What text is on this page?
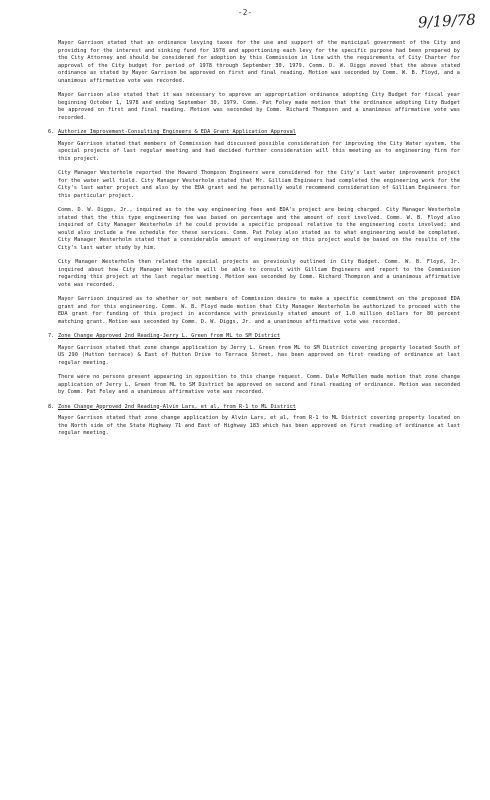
-2-	9/19/78

Mayor Garrison stated that an ordinance levying taxes for the use and support of the municipal government of the City and providing for the interest and sinking fund for 1978 and apportioning each levy for the specific purpose had been prepared by the City Attorney and should be considered for adoption by this Commission in line with the requirements of City Charter for approval of the City budget for period of 1978 through September 30, 1979. Comm. D. W. Diggs moved that the above stated ordinance as stated by Mayor Garrison be approved on first and final reading. Motion was seconded by Comm. W. B. Floyd, and a unanimous affirmative vote was recorded.

Mayor Garrison also stated that it was necessary to approve an appropriation ordinance adopting City Budget for fiscal year beginning October 1, 1978 and ending September 30, 1979. Comm. Pat Foley made motion that the ordinance adopting City Budget be approved on first and final reading. Motion was seconded by Comm. Richard Thompson and a unanimous affirmative vote was recorded.

6. Authorize Improvement-Consulting Engineers & EDA Grant Application Approval

Mayor Garrison stated that members of Commission had discussed possible consideration for improving the City Water system, the special projects of last regular meeting and had decided further consideration will this meeting as to engineering firm for this project.

City Manager Westerholm reported the Howard Thompson Engineers were considered for the City's last water improvement project for the water well field. City Manager Westerholm stated that Mr. Gilliam Engineers had completed the engineering work for the City's last water project and also by the EDA grant and he personally would recommend consideration of Gilliam Engineers for this particular project.

Comm. D. W. Diggs, Jr., inquired as to the way engineering fees and EDA's project are being charged. City Manager Westerholm stated that the this type engineering fee was based on percentage and the amount of cost involved. Comm. W. B. Floyd also inquired of City Manager Westerholm if he could provide a specific proposal relative to the engineering costs involved; and would also include a fee schedule for these services. Comm. Pat Foley also stated as to what engineering would be completed. City Manager Westerholm stated that a considerable amount of engineering on this project would be based on the results of the City's last water study by him.

City Manager Westerholm then related the special projects as previously outlined in City Budget. Comm. W. B. Floyd, Jr. inquired about how City Manager Westerholm will be able to consult with Gilliam Engineers and report to the Commission regarding this project at the last regular meeting. Motion was seconded by Comm. Richard Thompson and a unanimous affirmative vote was recorded.

Mayor Garrison inquired as to whether or not members of Commission desire to make a specific commitment on the proposed EDA grant and for this engineering. Comm. W. B. Floyd made motion that City Manager Westerholm be authorized to proceed with the EDA grant for funding of this project in accordance with previously stated amount of 1.0 million dollars for 80 percent matching grant. Motion was seconded by Comm. D. W. Diggs, Jr. and a unanimous affirmative vote was recorded.

7. Zone Change Approved 2nd Reading-Jerry L. Green from ML to SM District

Mayor Garrison stated that zone change application by Jerry L. Green from ML to SM District covering property located South of US 290 (Hutton terrace) & East of Hutton Drive to Terrace Street, has been approved on first reading of ordinance at last regular meeting.

There were no persons present appearing in opposition to this change request. Comm. Dale McMullen made motion that zone change application of Jerry L. Green from ML to SM District be approved on second and final reading of ordinance. Motion was seconded by Comm. Pat Foley and a unanimous affirmative vote was recorded.

8. Zone Change Approved 2nd Reading-Alvin Lars, et al, from R-1 to ML District

Mayor Garrison stated that zone change application by Alvin Lars, et al, from R-1 to ML District covering property located on the North side of the State Highway 71 and East of Highway 183 which has been approved on first reading of ordinance at last regular meeting.
